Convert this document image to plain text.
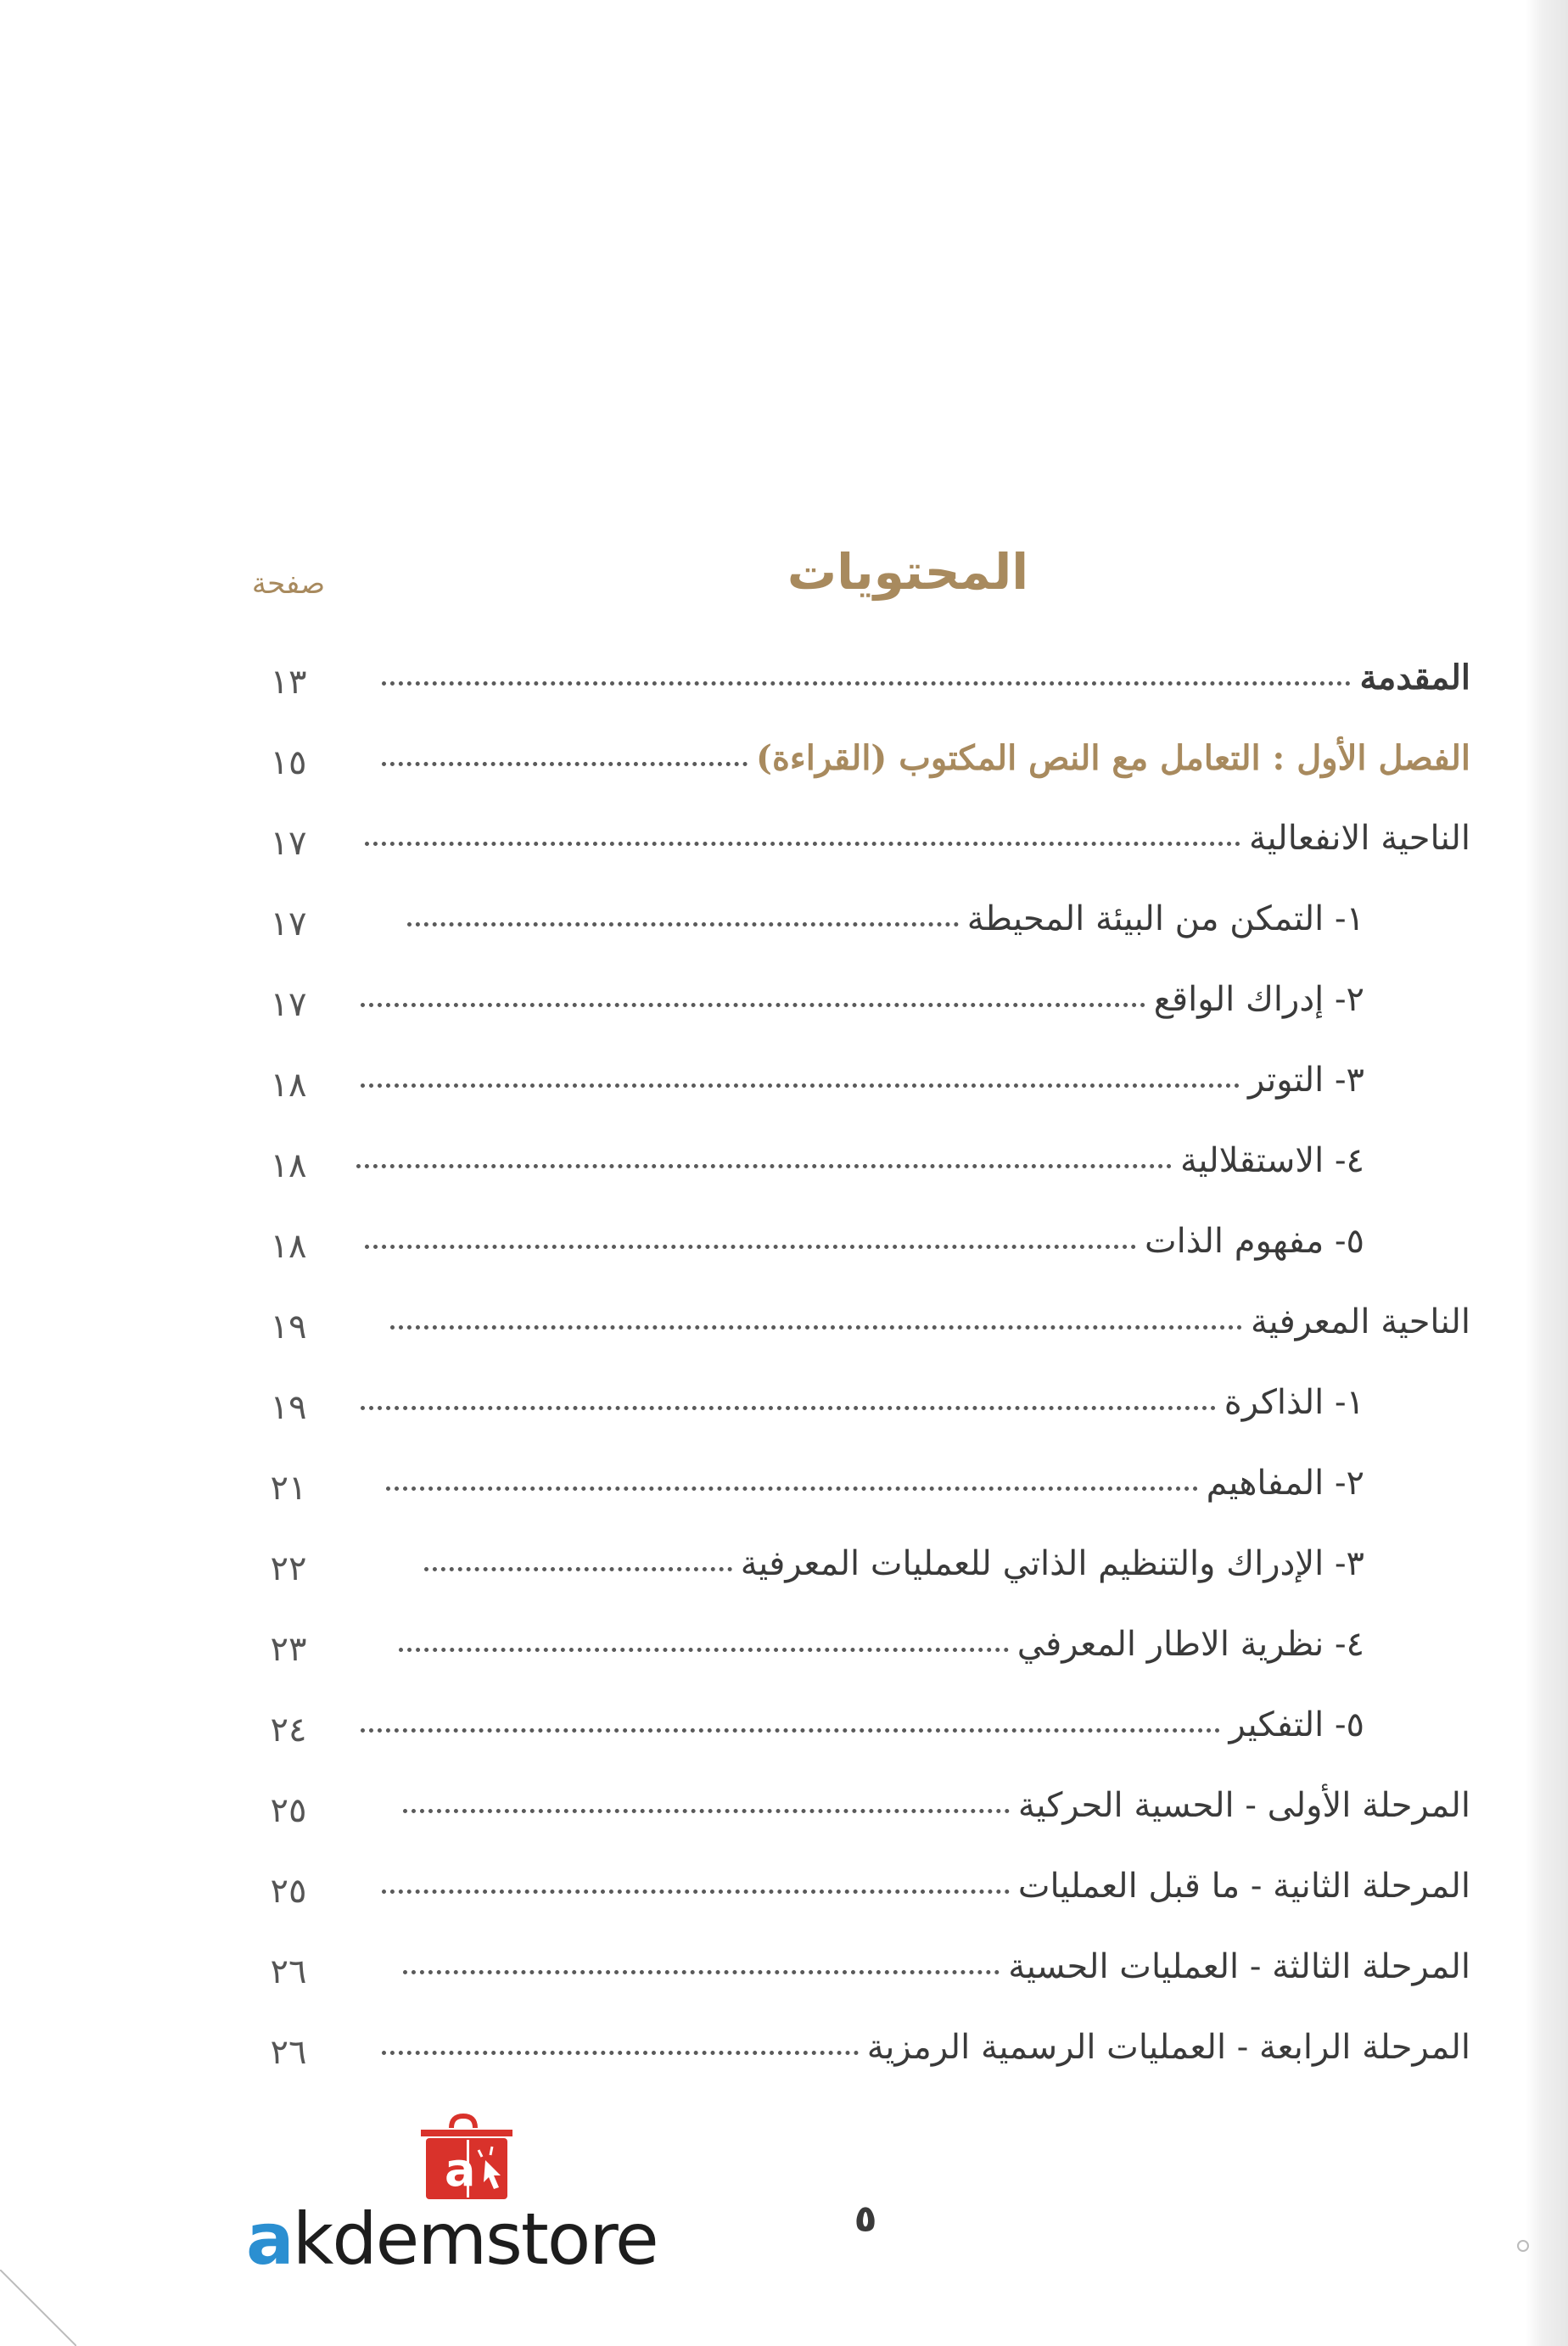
المحتويات
صفحة
١٣	المقدمة
١٥	الفصل الأول : التعامل مع النص المكتوب (القراءة)
١٧	الناحية الانفعالية
١٧	١- التمكن من البيئة المحيطة
١٧	٢- إدراك الواقع
١٨	٣- التوتر
١٨	٤- الاستقلالية
١٨	٥- مفهوم الذات
١٩	الناحية المعرفية
١٩	١- الذاكرة
٢١	٢- المفاهيم
٢٢	٣- الإدراك والتنظيم الذاتي للعمليات المعرفية
٢٣	٤- نظرية الاطار المعرفي
٢٤	٥- التفكير
٢٥	المرحلة الأولى - الحسية الحركية
٢٥	المرحلة الثانية - ما قبل العمليات
٢٦	المرحلة الثالثة - العمليات الحسية
٢٦	المرحلة الرابعة - العمليات الرسمية الرمزية
a
akdemstore	٥
